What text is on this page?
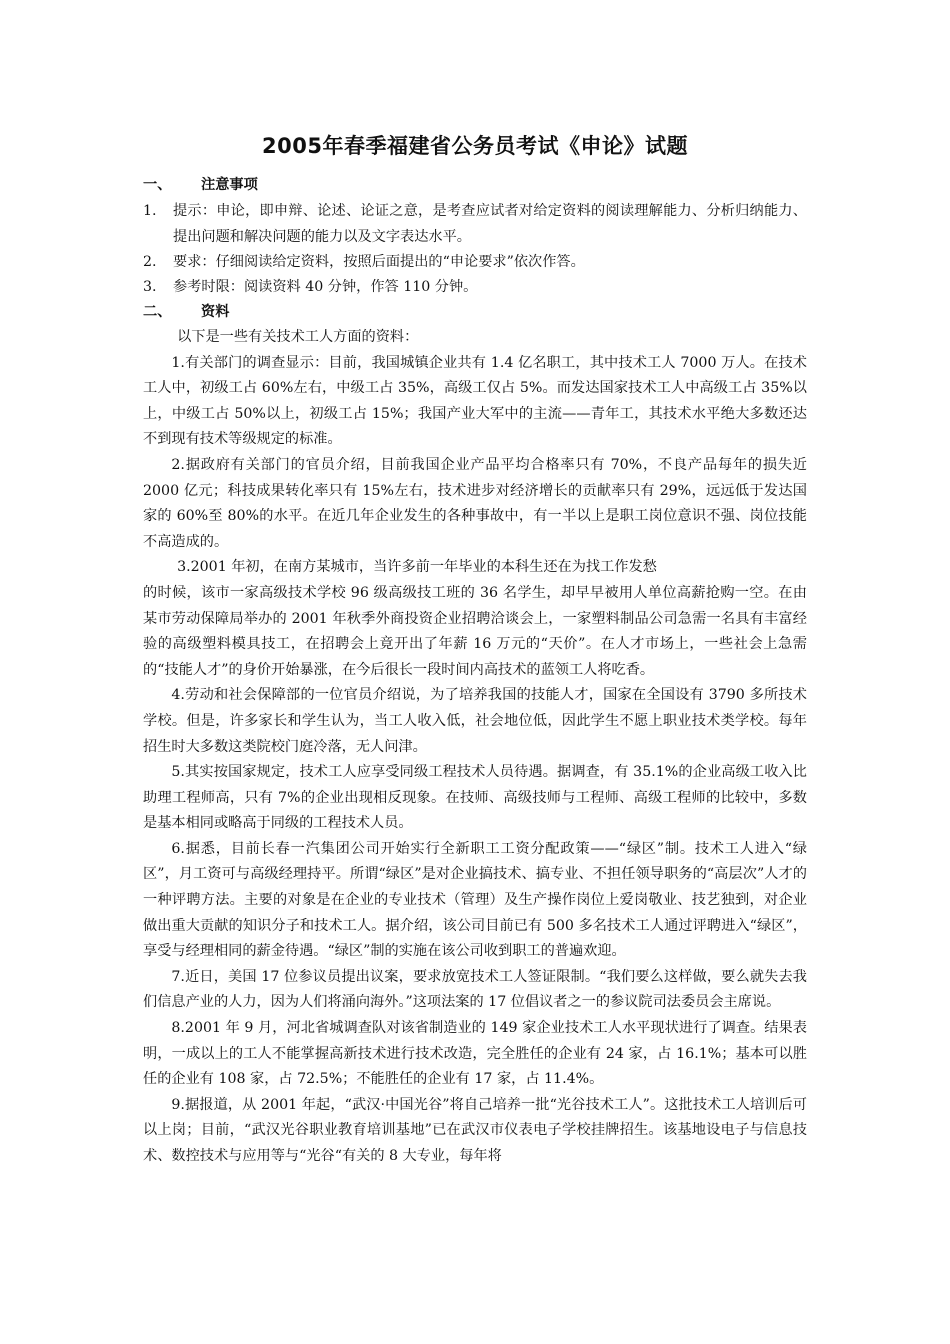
2005年春季福建省公务员考试《申论》试题
一、 注意事项
1. 提示：申论，即申辩、论述、论证之意，是考查应试者对给定资料的阅读理解能力、分析归纳能力、提出问题和解决问题的能力以及文字表达水平。
2. 要求：仔细阅读给定资料，按照后面提出的“申论要求”依次作答。
3. 参考时限：阅读资料 40 分钟，作答 110 分钟。
二、 资料

以下是一些有关技术工人方面的资料：

1.有关部门的调查显示：目前，我国城镇企业共有 1.4 亿名职工，其中技术工人 7000 万人。在技术工人中，初级工占 60%左右，中级工占 35%，高级工仅占 5%。而发达国家技术工人中高级工占 35%以上，中级工占 50%以上，初级工占 15%；我国产业大军中的主流——青年工，其技术水平绝大多数还达不到现有技术等级规定的标准。

2.据政府有关部门的官员介绍，目前我国企业产品平均合格率只有 70%，不良产品每年的损失近 2000 亿元；科技成果转化率只有 15%左右，技术进步对经济增长的贡献率只有 29%，远远低于发达国家的 60%至 80%的水平。在近几年企业发生的各种事故中，有一半以上是职工岗位意识不强、岗位技能不高造成的。

3.2001 年初，在南方某城市，当许多前一年毕业的本科生还在为找工作发愁

的时候，该市一家高级技术学校 96 级高级技工班的 36 名学生，却早早被用人单位高薪抢购一空。在由某市劳动保障局举办的 2001 年秋季外商投资企业招聘洽谈会上，一家塑料制品公司急需一名具有丰富经验的高级塑料模具技工，在招聘会上竟开出了年薪 16 万元的“天价”。在人才市场上，一些社会上急需的“技能人才”的身价开始暴涨，在今后很长一段时间内高技术的蓝领工人将吃香。

4.劳动和社会保障部的一位官员介绍说，为了培养我国的技能人才，国家在全国设有 3790 多所技术学校。但是，许多家长和学生认为，当工人收入低，社会地位低，因此学生不愿上职业技术类学校。每年招生时大多数这类院校门庭冷落，无人问津。

5.其实按国家规定，技术工人应享受同级工程技术人员待遇。据调查，有 35.1%的企业高级工收入比助理工程师高，只有 7%的企业出现相反现象。在技师、高级技师与工程师、高级工程师的比较中，多数是基本相同或略高于同级的工程技术人员。

6.据悉，目前长春一汽集团公司开始实行全新职工工资分配政策——“绿区”制。技术工人进入“绿区”，月工资可与高级经理持平。所谓“绿区”是对企业搞技术、搞专业、不担任领导职务的“高层次”人才的一种评聘方法。主要的对象是在企业的专业技术（管理）及生产操作岗位上爱岗敬业、技艺独到，对企业做出重大贡献的知识分子和技术工人。据介绍，该公司目前已有 500 多名技术工人通过评聘进入“绿区”，享受与经理相同的薪金待遇。“绿区”制的实施在该公司收到职工的普遍欢迎。

7.近日，美国 17 位参议员提出议案，要求放宽技术工人签证限制。“我们要么这样做，要么就失去我们信息产业的人力，因为人们将涌向海外。”这项法案的 17 位倡议者之一的参议院司法委员会主席说。

8.2001 年 9 月，河北省城调查队对该省制造业的 149 家企业技术工人水平现状进行了调查。结果表明，一成以上的工人不能掌握高新技术进行技术改造，完全胜任的企业有 24 家，占 16.1%；基本可以胜任的企业有 108 家，占 72.5%；不能胜任的企业有 17 家，占 11.4%。

9.据报道，从 2001 年起，“武汉·中国光谷”将自己培养一批“光谷技术工人”。这批技术工人培训后可以上岗；目前，“武汉光谷职业教育培训基地”已在武汉市仪表电子学校挂牌招生。该基地设电子与信息技术、数控技术与应用等与“光谷“有关的 8 大专业，每年将
